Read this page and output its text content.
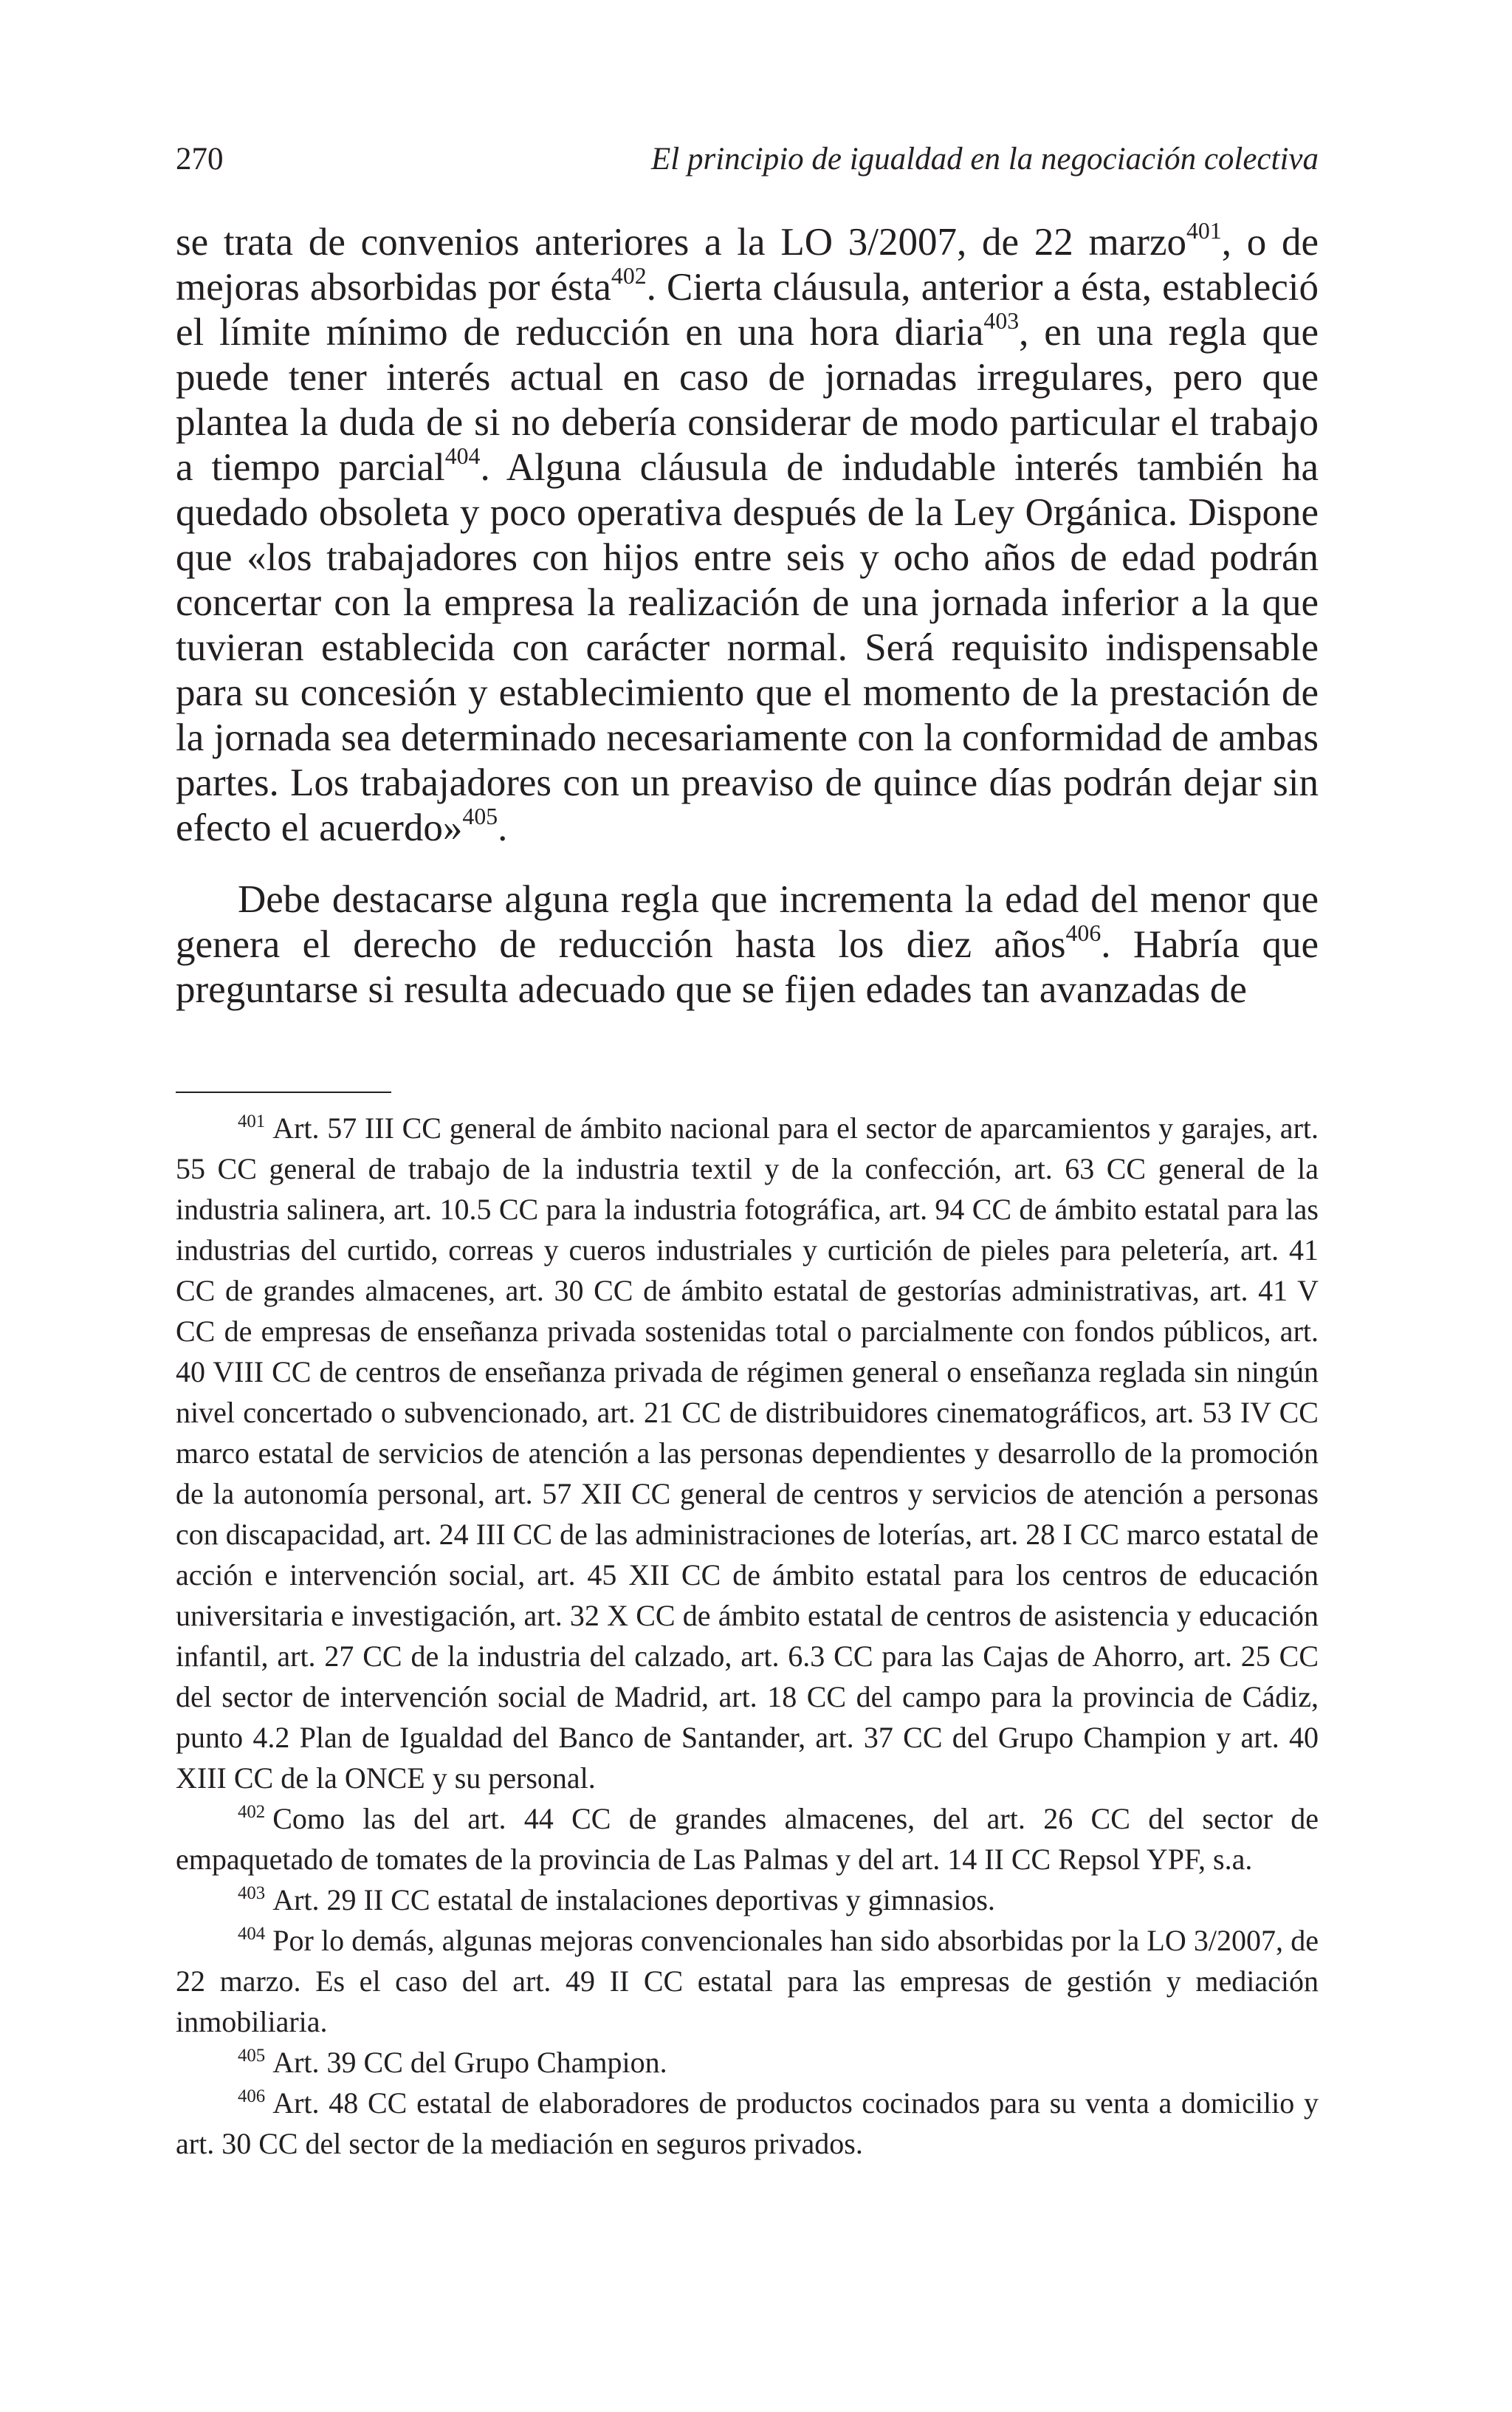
270	El principio de igualdad en la negociación colectiva

se trata de convenios anteriores a la LO 3/2007, de 22 marzo$^{401}$, o de mejoras absorbidas por ésta$^{402}$. Cierta cláusula, anterior a ésta, estableció el límite mínimo de reducción en una hora diaria$^{403}$, en una regla que puede tener interés actual en caso de jornadas irregulares, pero que plantea la duda de si no debería considerar de modo particular el trabajo a tiempo parcial$^{404}$. Alguna cláusula de indudable interés también ha quedado obsoleta y poco operativa después de la Ley Orgánica. Dispone que «los trabajadores con hijos entre seis y ocho años de edad podrán concertar con la empresa la realización de una jornada inferior a la que tuvieran establecida con carácter normal. Será requisito indispensable para su concesión y establecimiento que el momento de la prestación de la jornada sea determinado necesariamente con la conformidad de ambas partes. Los trabajadores con un preaviso de quince días podrán dejar sin efecto el acuerdo»$^{405}$.

Debe destacarse alguna regla que incrementa la edad del menor que genera el derecho de reducción hasta los diez años$^{406}$. Habría que preguntarse si resulta adecuado que se fijen edades tan avanzadas de

$^{401}$ Art. 57 III CC general de ámbito nacional para el sector de aparcamientos y garajes, art. 55 CC general de trabajo de la industria textil y de la confección, art. 63 CC general de la industria salinera, art. 10.5 CC para la industria fotográfica, art. 94 CC de ámbito estatal para las industrias del curtido, correas y cueros industriales y curtición de pieles para peletería, art. 41 CC de grandes almacenes, art. 30 CC de ámbito estatal de gestorías administrativas, art. 41 V CC de empresas de enseñanza privada sostenidas total o parcialmente con fondos públicos, art. 40 VIII CC de centros de enseñanza privada de régimen general o enseñanza reglada sin ningún nivel concertado o subvencionado, art. 21 CC de distribuidores cinematográficos, art. 53 IV CC marco estatal de servicios de atención a las personas dependientes y desarrollo de la promoción de la autonomía personal, art. 57 XII CC general de centros y servicios de atención a personas con discapacidad, art. 24 III CC de las administraciones de loterías, art. 28 I CC marco estatal de acción e intervención social, art. 45 XII CC de ámbito estatal para los centros de educación universitaria e investigación, art. 32 X CC de ámbito estatal de centros de asistencia y educación infantil, art. 27 CC de la industria del calzado, art. 6.3 CC para las Cajas de Ahorro, art. 25 CC del sector de intervención social de Madrid, art. 18 CC del campo para la provincia de Cádiz, punto 4.2 Plan de Igualdad del Banco de Santander, art. 37 CC del Grupo Champion y art. 40 XIII CC de la ONCE y su personal.

$^{402}$ Como las del art. 44 CC de grandes almacenes, del art. 26 CC del sector de empaquetado de tomates de la provincia de Las Palmas y del art. 14 II CC Repsol YPF, s.a.

$^{403}$ Art. 29 II CC estatal de instalaciones deportivas y gimnasios.

$^{404}$ Por lo demás, algunas mejoras convencionales han sido absorbidas por la LO 3/2007, de 22 marzo. Es el caso del art. 49 II CC estatal para las empresas de gestión y mediación inmobiliaria.

$^{405}$ Art. 39 CC del Grupo Champion.

$^{406}$ Art. 48 CC estatal de elaboradores de productos cocinados para su venta a domicilio y art. 30 CC del sector de la mediación en seguros privados.
